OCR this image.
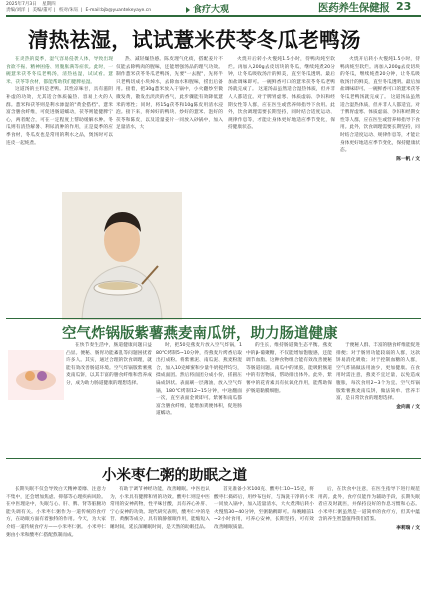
2025年7月3日 星期四
责编/刘洋 | 美编/董可 | 校对/朱钰 | E-mail:bjb@yuantekeyaye.cn	食疗大观	医药养生保健报 23
清热祛湿，试试薏米茯苓冬瓜老鸭汤

在炎热的夏季，湿气容易侵袭人体，导致出现食欲不振、精神困倦、胃腹胀满等症状。此时，一碗薏米茯苓冬瓜老鸭汤，清热祛湿，试试看。薏米、茯苓等食材，都能帮助我们健脾祛湿。

这道汤的主料是老鸭。其性凉味甘，具有滋阴补虚的功效，尤其适合体质偏热、容易上火的人群。薏米和茯苓则是利水渗湿的"黄金搭档"。薏米富含膳食纤维，可促进肠道蠕动，茯苓则能健脾宁心，两者配合，可在一定程度上帮助缓解水肿。冬瓜则有清热解暑、利尿消肿的作用，正是夏季的应季食材，冬瓜皮也是常用的利水之品，煲汤时可以连皮一起炖煮。

热、减轻燥热感。陈皮理气化痰，搭配姜片不仅能去除鸭肉的腥味，还能增强汤品的理气功效。 制作薏米茯苓冬瓜老鸭汤，先要"一去腥"，先将半只老鸭切成小块焯水，去除血水和腥味，捞出后备用。接着，把30g薏米放入干锅中，小火翻炒至微微发黄，散发出淡淡的香气，此步骤能有效降低薏米的寒性；同时，将15g茯苓和10g陈皮用清水浸泡。接下来，将焯好的鸭块、炒好的薏米、泡好的茯苓和陈皮，以及适量姜片一同放入砂锅中，加入足量清水，大

火烧开后转小火慢炖1.5小时，待鸭肉炖至软烂。再加入200g去皮切块的冬瓜，继续炖煮20分钟，让冬瓜吸收汤汁的鲜美，直至冬瓜透明。最后加盐调味即可。一碗鲜香可口的薏米茯苓冬瓜老鸭汤就完成了。 这道汤品虽然适合湿热体质，但并非人人都适宜。对于脾胃虚寒、体质虚弱、孕妇和经期女性等人群，应在医生或营养师指导下食用。此外，饮食调理需要长期坚持，同时结合适度运动、规律作息等，才能让身体更好地适应季节变化，保持健康状态。

火烧开后转小火慢炖1.5小时，待鸭肉炖至软烂。再加入200g去皮切块的冬瓜，继续炖煮20分钟，让冬瓜吸收汤汁的鲜美，直至冬瓜透明。最后加盐调味即可。一碗鲜香可口的薏米茯苓冬瓜老鸭汤就完成了。 这道汤品虽然适合湿热体质，但并非人人都适宜。对于脾胃虚寒、体质虚弱、孕妇和经期女性等人群，应在医生或营养师指导下食用。此外，饮食调理需要长期坚持，同时结合适度运动、规律作息等，才能让身体更好地适应季节变化，保持健康状态。

陈一帆 / 文
空气炸锅版紫薯燕麦南瓜饼，助力肠道健康

在快节奏生活中，肠道健康问题日益凸显。便秘、肠胃功能紊乱等问题困扰着许多人。其实，通过合理的饮食调理，就能有效改善肠道环境。空气炸锅版紫薯燕麦南瓜饼，以其丰富的膳食纤维和营养成分，成为助力肠道健康的理想选择。

时，把50克燕麦片放入空气炸锅，180℃烤制5~10分钟，待燕麦片烤香后取出打成粉。将紫薯泥、南瓜泥、燕麦粉混合，加入10克蜂蜜和少量牛奶搅拌均匀，揉成面团。然后将面团分成小份，搓圆压扁成饼状。表面刷一层薄油，放入空气炸锅，180℃烤制12~15分钟，中途翻面一次，直至表面金黄即可。紫薯和南瓜都富含膳食纤维，能增加粪便体积，促进肠道蠕动。

的生长，维持肠道微生态平衡。燕麦中的β-葡聚糖，不仅能增加饱腹感，还能调节血脂。这种食物组合能有效改善便秘等肠道问题。南瓜中的果胶，能吸附肠道中的有害物质，帮助排出体外。此外，紫薯中的花青素具有抗氧化作用，能帮助保护肠道黏膜细胞。

于便秘人群，丰富的膳食纤维能促进排便；对于肠胃功能较弱的人群，这款饼易消化吸收；对于控制血糖的人群，空气炸锅做法用油少，更加健康。在食用时需注意，燕麦不宜过量，以免造成腹胀，每次食用2~3个为宜。空气炸锅版紫薯燕麦南瓜饼，做法简单、营养丰富，是日常饮食的理想选择。

金向南 / 文
小米枣仁粥的助眠之道

长期失眠不仅会导致白天精神萎靡、注意力不集中，还会增加焦虑、抑郁等心理疾病风险。在中医理论中，失眠与心、肝、脾、肾等脏腑功能失调有关。小米枣仁粥作为一道传统的食疗方，在助眠方面有着独特的作用。今天，为大家介绍一道传统食疗方——小米枣仁粥。 小米枣仁粥由小米和酸枣仁搭配熬制而成。

有助于调节神经功能，改善睡眠。中医也认为，小米具有健脾和胃的功效。酸枣仁则是中医常用的安神药物，性平味甘酸，具有养心补肝、宁心安神的功效。现代研究表明，酸枣仁中的皂苷、黄酮等成分，具有镇静催眠作用，能缩短入睡时间，延长深睡眠时间，是天然的助眠佳品。

首先准备小米100克、酸枣仁10~15克，将酸枣仁捣碎后，用纱布包好，与淘洗干净的小米一同放入锅中，加入适量清水，大火煮沸后转小火慢熬30~40分钟，至粥黏稠即可。每晚睡前1~2小时食用，可养心安神，长期坚持，可有效改善睡眠质量。

后，在饮食中注意，在医生指导下进行规范用药。此外，食疗仅能作为辅助手段，长期失眠者应及时就医，并保持良好的作息习惯和心态。小米枣仁粥虽然是一道简单的食疗方，但其中蕴含的养生智慧值得我们借鉴。

李莉瑞 / 文
